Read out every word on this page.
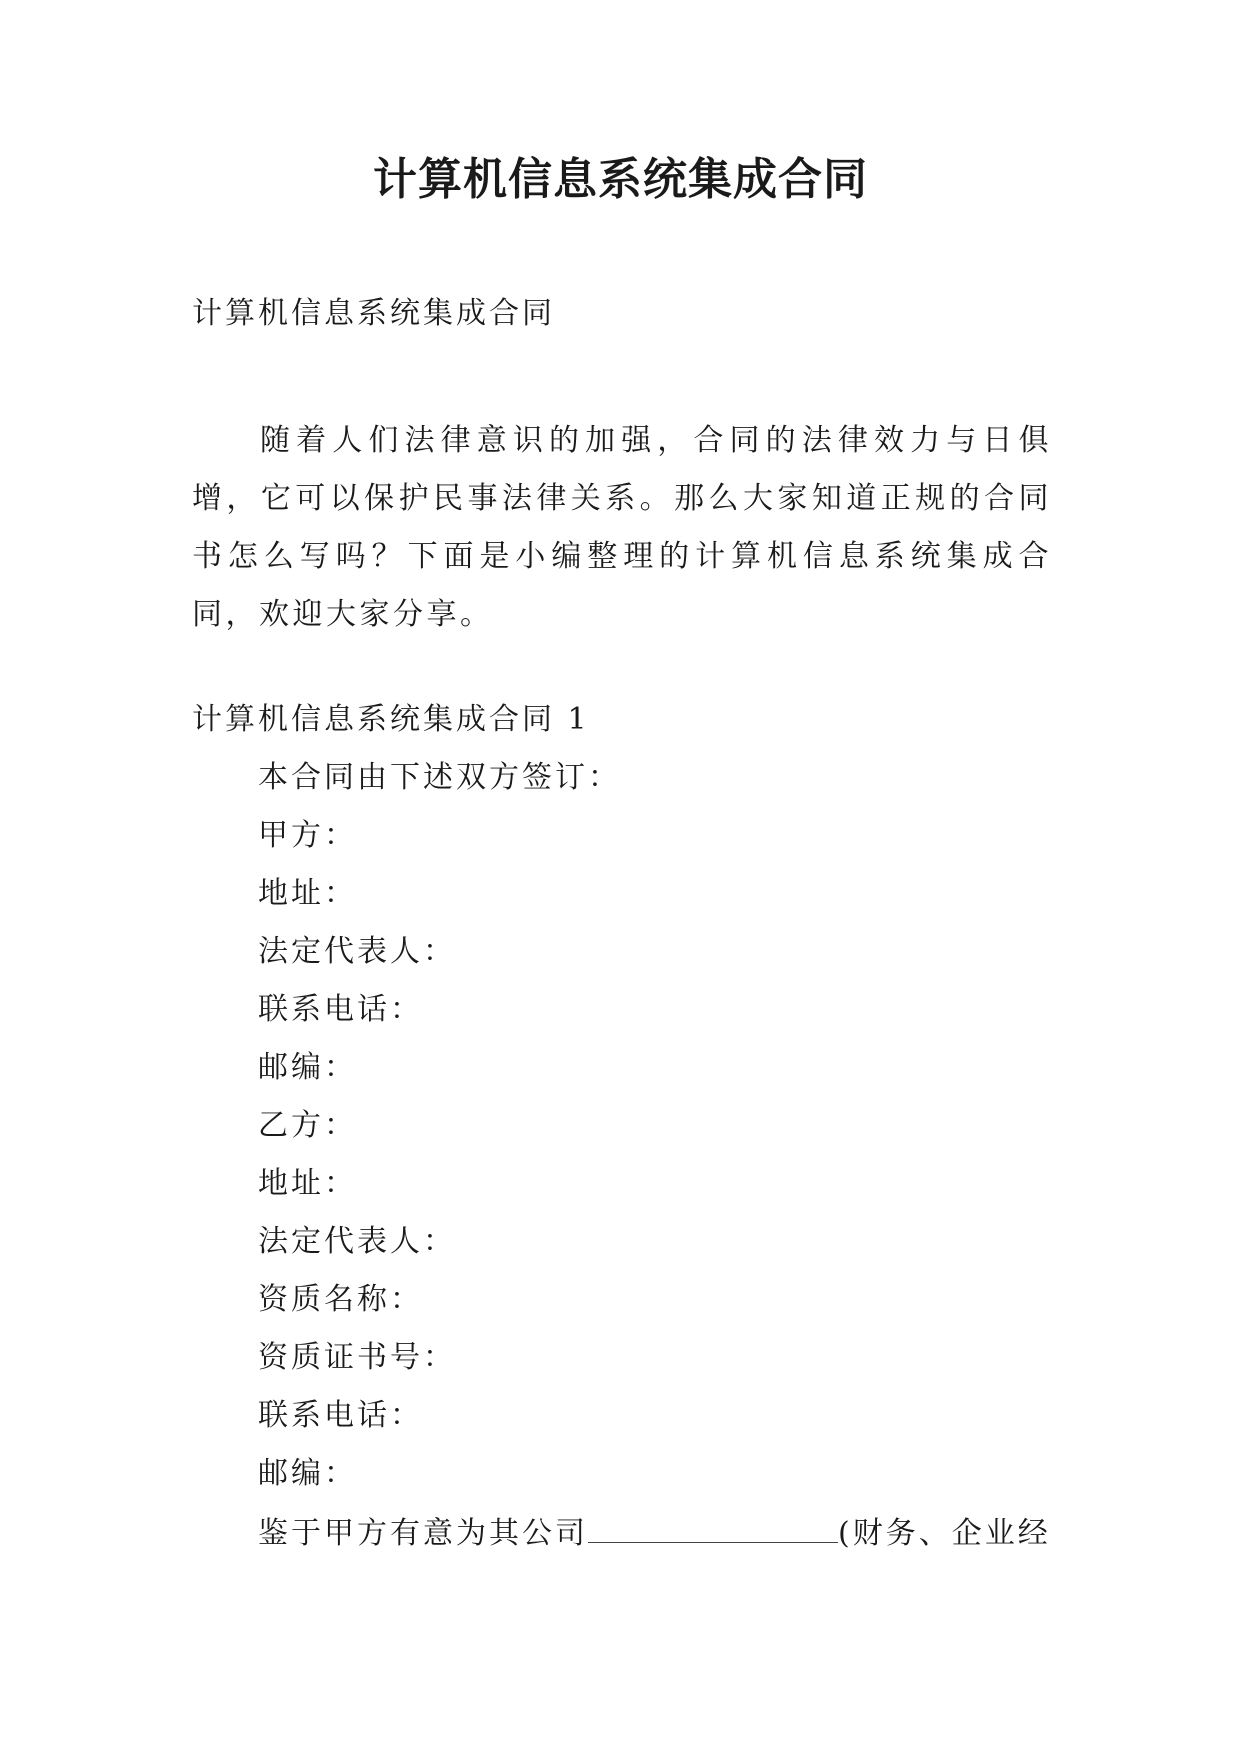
计算机信息系统集成合同
计算机信息系统集成合同
随着人们法律意识的加强，合同的法律效力与日俱增，它可以保护民事法律关系。那么大家知道正规的合同书怎么写吗？下面是小编整理的计算机信息系统集成合同，欢迎大家分享。
计算机信息系统集成合同 1
本合同由下述双方签订：
甲方：
地址：
法定代表人：
联系电话：
邮编：
乙方：
地址：
法定代表人：
资质名称：
资质证书号：
联系电话：
邮编：
鉴于甲方有意为其公司	(财务、企业经
